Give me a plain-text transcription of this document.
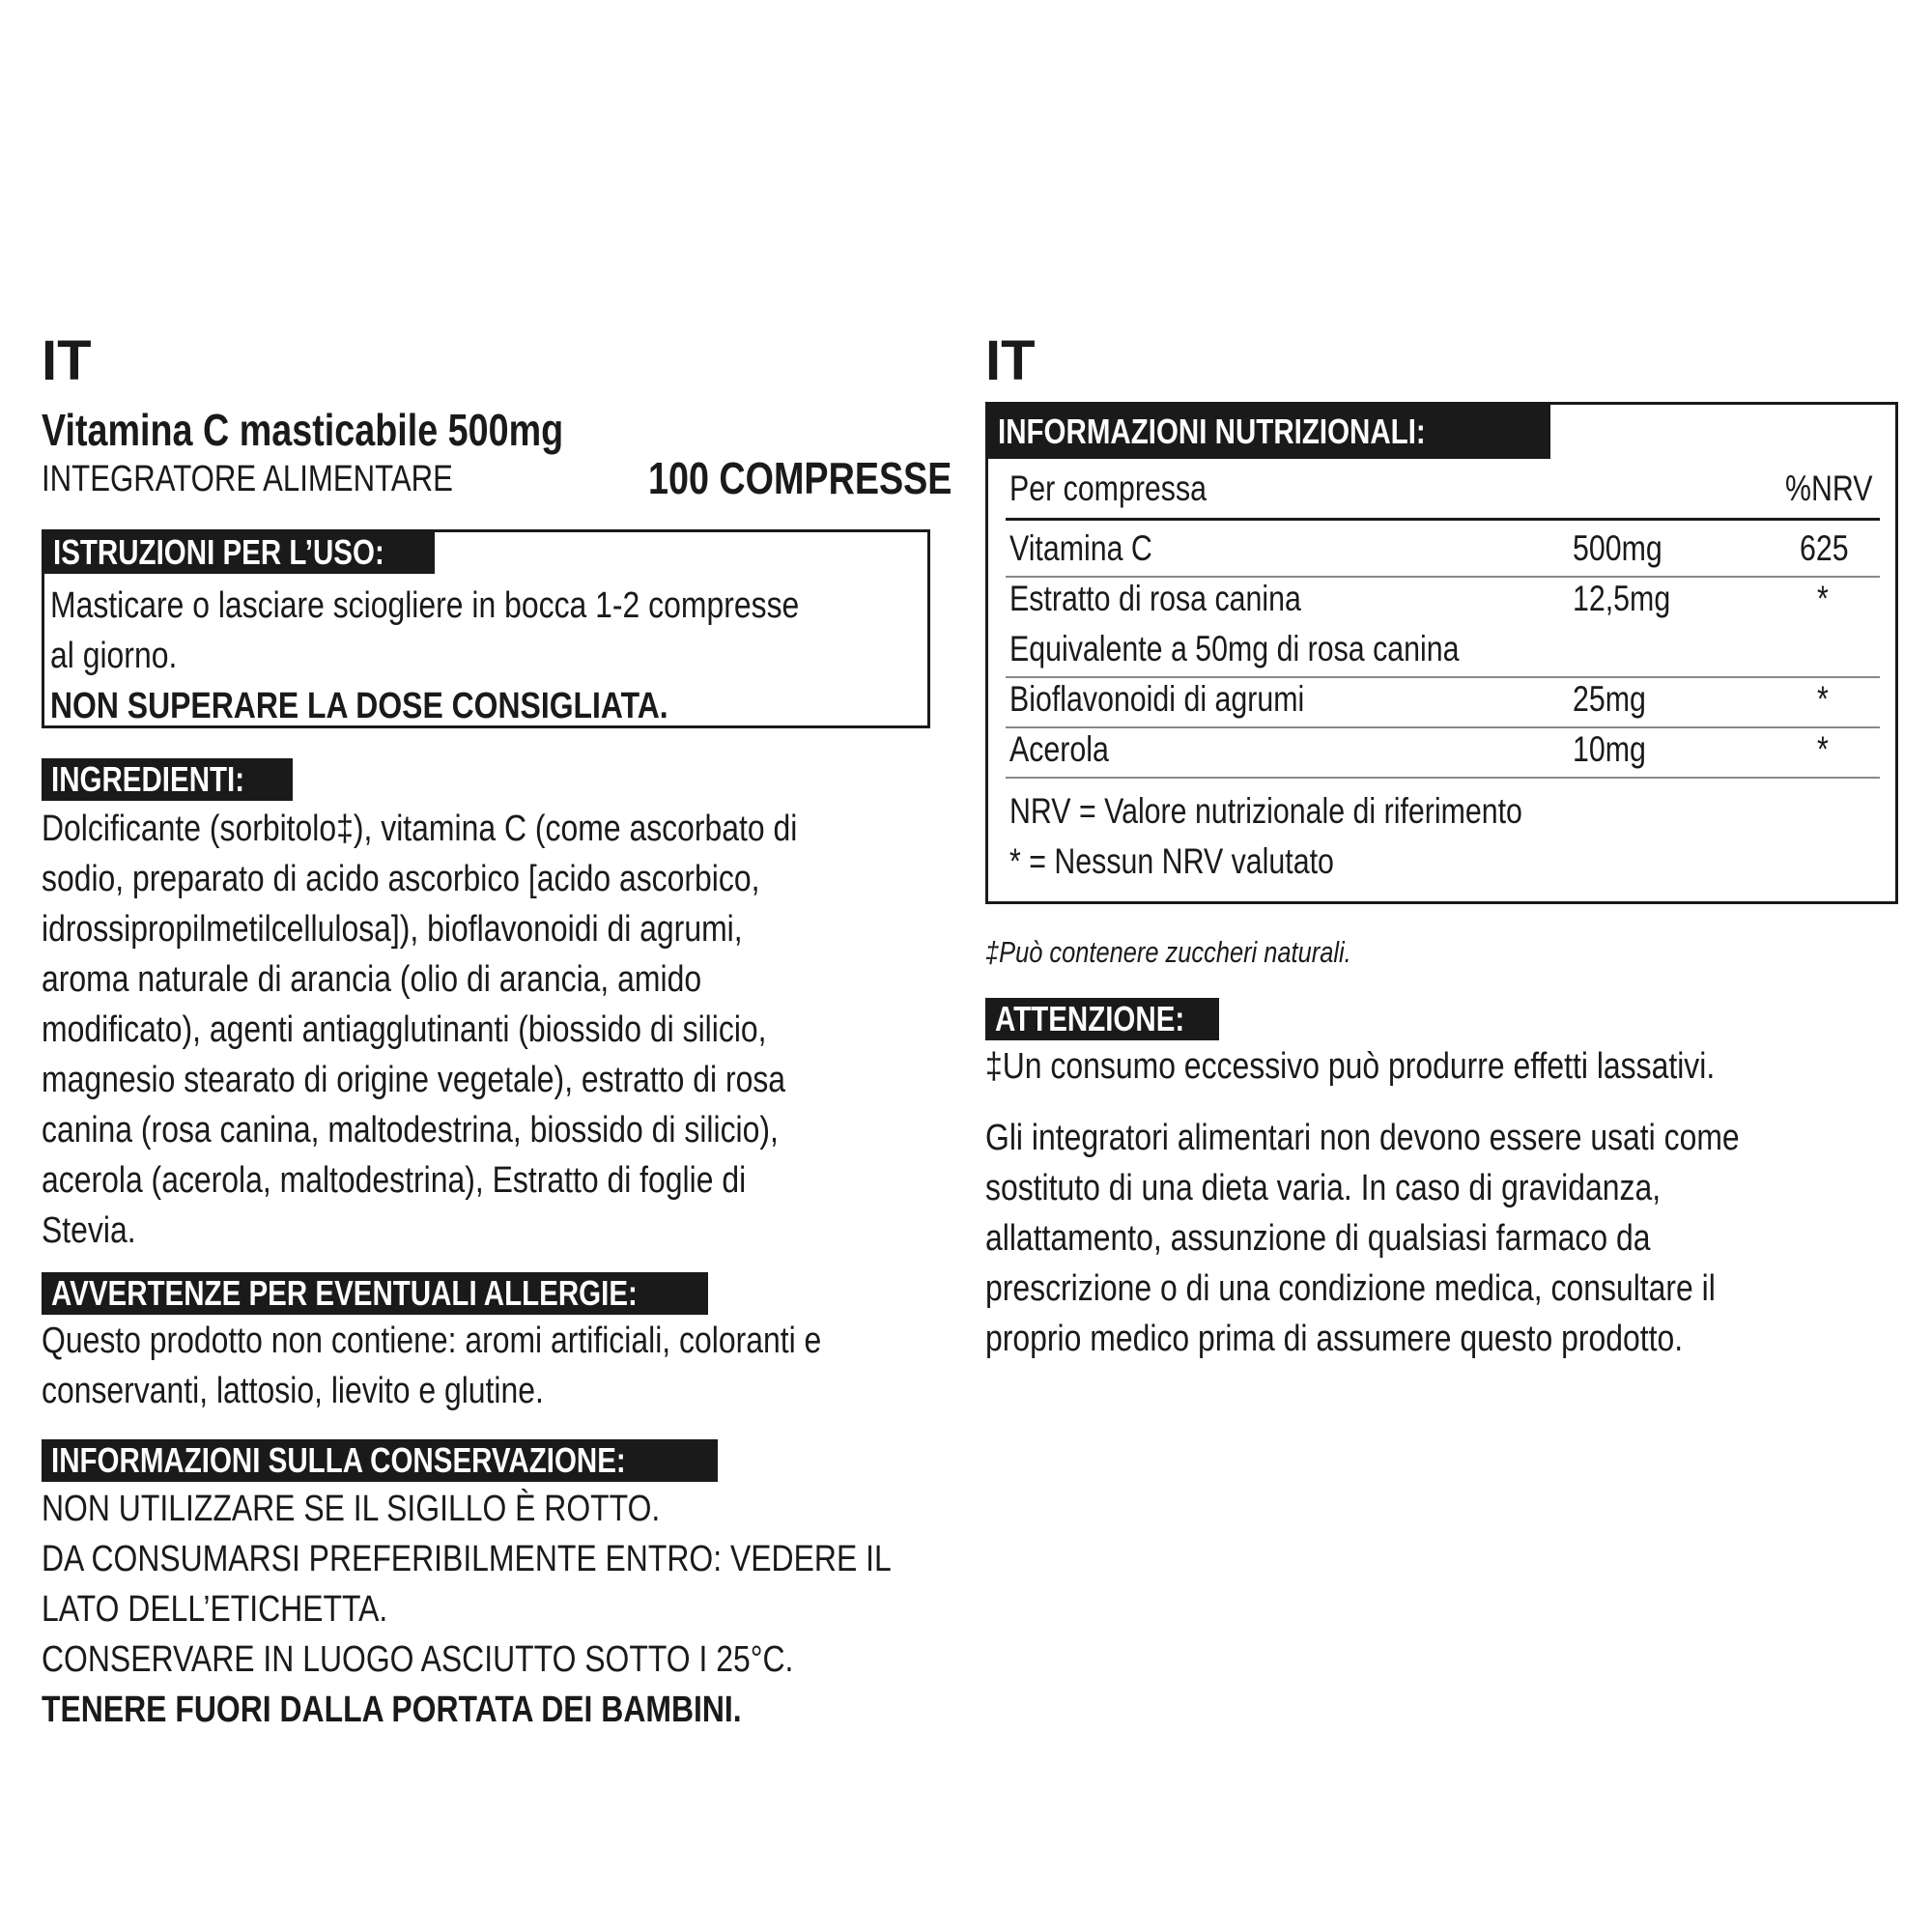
IT
Vitamina C masticabile 500mg
INTEGRATORE ALIMENTARE	100 COMPRESSE
ISTRUZIONI PER L’USO:
Masticare o lasciare sciogliere in bocca 1-2 compresse
al giorno.
NON SUPERARE LA DOSE CONSIGLIATA.
INGREDIENTI:
Dolcificante (sorbitolo‡), vitamina C (come ascorbato di
sodio, preparato di acido ascorbico [acido ascorbico,
idrossipropilmetilcellulosa]), bioflavonoidi di agrumi,
aroma naturale di arancia (olio di arancia, amido
modificato), agenti antiagglutinanti (biossido di silicio,
magnesio stearato di origine vegetale), estratto di rosa
canina (rosa canina, maltodestrina, biossido di silicio),
acerola (acerola, maltodestrina), Estratto di foglie di
Stevia.
AVVERTENZE PER EVENTUALI ALLERGIE:
Questo prodotto non contiene: aromi artificiali, coloranti e
conservanti, lattosio, lievito e glutine.
INFORMAZIONI SULLA CONSERVAZIONE:
NON UTILIZZARE SE IL SIGILLO È ROTTO.
DA CONSUMARSI PREFERIBILMENTE ENTRO: VEDERE IL
LATO DELL’ETICHETTA.
CONSERVARE IN LUOGO ASCIUTTO SOTTO I 25°C.
TENERE FUORI DALLA PORTATA DEI BAMBINI.
IT
INFORMAZIONI NUTRIZIONALI:
Per compressa	%NRV
Vitamina C	500mg	625
Estratto di rosa canina	12,5mg	*
Equivalente a 50mg di rosa canina
Bioflavonoidi di agrumi	25mg	*
Acerola	10mg	*
NRV = Valore nutrizionale di riferimento
* = Nessun NRV valutato
‡Può contenere zuccheri naturali.
ATTENZIONE:
‡Un consumo eccessivo può produrre effetti lassativi.
Gli integratori alimentari non devono essere usati come
sostituto di una dieta varia. In caso di gravidanza,
allattamento, assunzione di qualsiasi farmaco da
prescrizione o di una condizione medica, consultare il
proprio medico prima di assumere questo prodotto.
